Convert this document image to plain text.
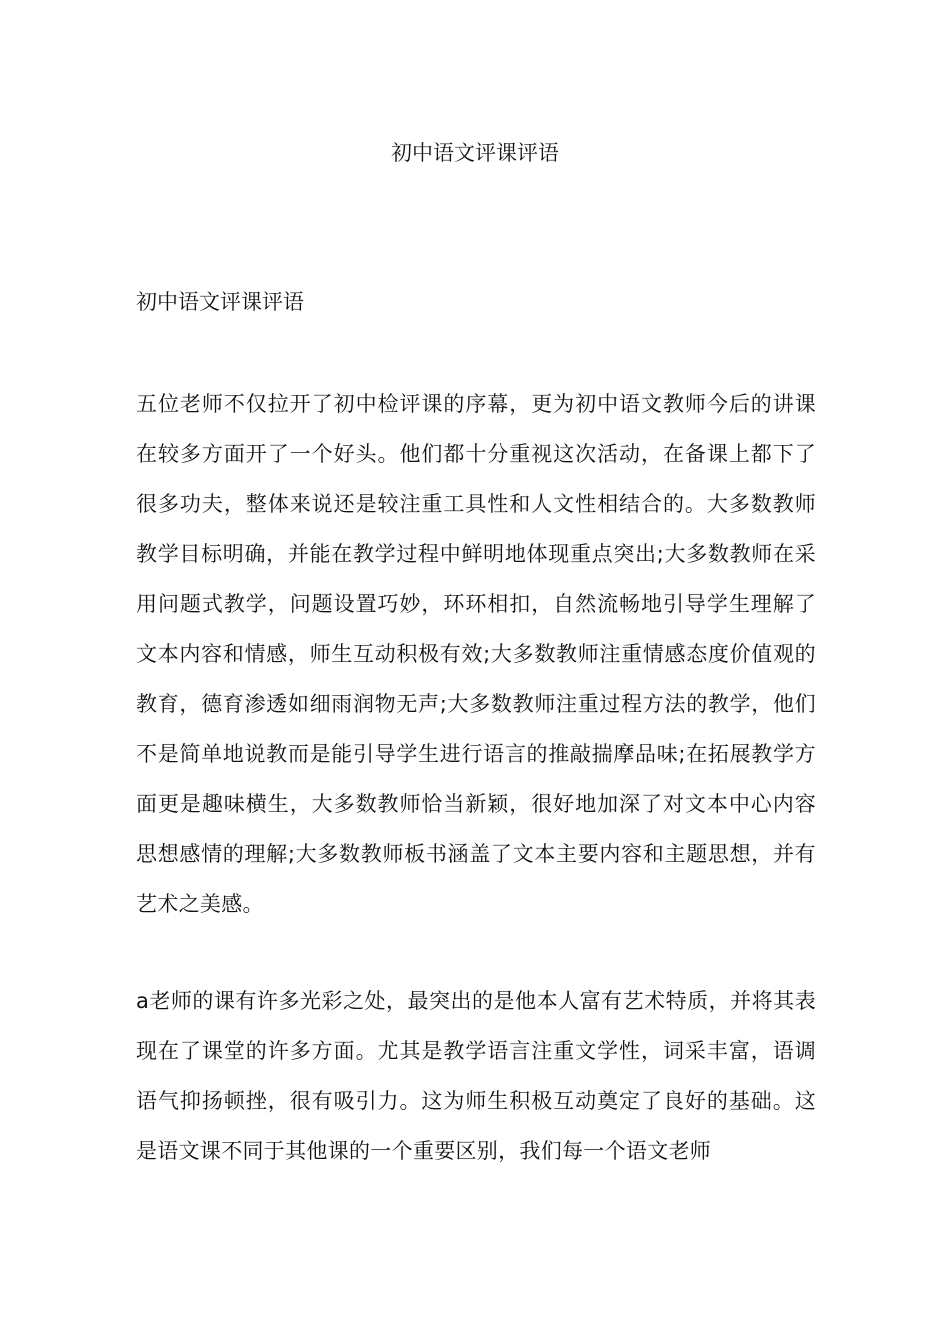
初中语文评课评语
初中语文评课评语

五位老师不仅拉开了初中检评课的序幕，更为初中语文教师今后的讲课在较多方面开了一个好头。他们都十分重视这次活动，在备课上都下了很多功夫，整体来说还是较注重工具性和人文性相结合的。大多数教师教学目标明确，并能在教学过程中鲜明地体现重点突出;大多数教师在采用问题式教学，问题设置巧妙，环环相扣，自然流畅地引导学生理解了文本内容和情感，师生互动积极有效;大多数教师注重情感态度价值观的教育，德育渗透如细雨润物无声;大多数教师注重过程方法的教学，他们不是简单地说教而是能引导学生进行语言的推敲揣摩品味;在拓展教学方面更是趣味横生，大多数教师恰当新颖，很好地加深了对文本中心内容思想感情的理解;大多数教师板书涵盖了文本主要内容和主题思想，并有艺术之美感。

a老师的课有许多光彩之处，最突出的是他本人富有艺术特质，并将其表现在了课堂的许多方面。尤其是教学语言注重文学性，词采丰富，语调语气抑扬顿挫，很有吸引力。这为师生积极互动奠定了良好的基础。这是语文课不同于其他课的一个重要区别，我们每一个语文老师
